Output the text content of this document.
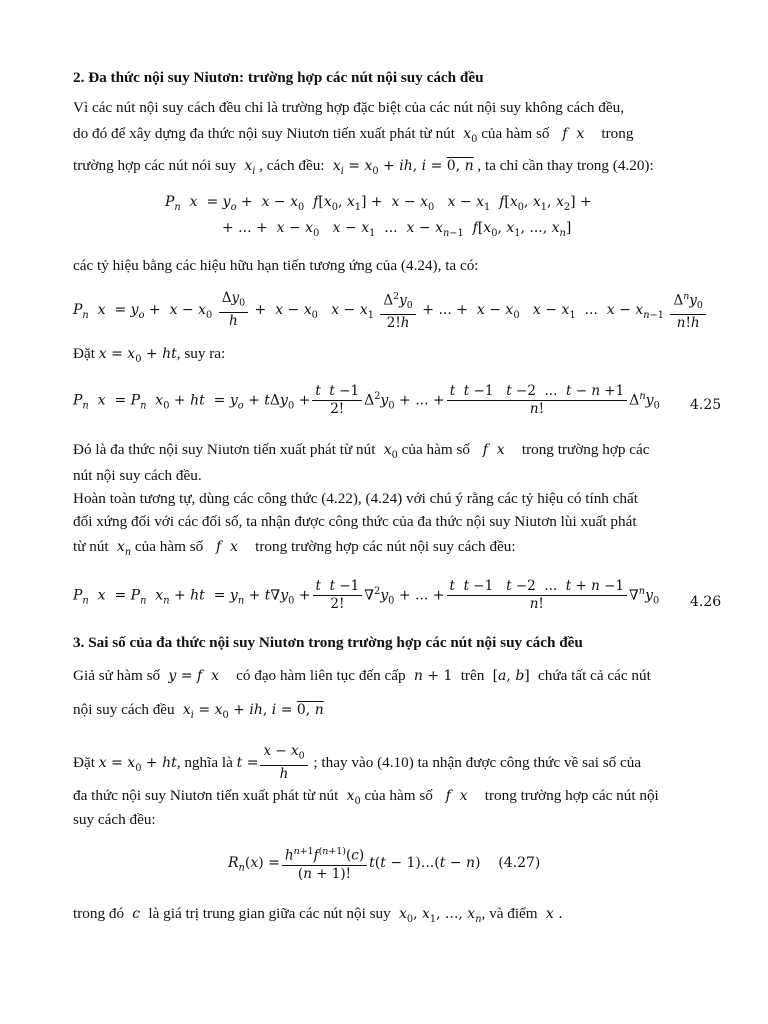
2. Đa thức nội suy Niutơn: trường hợp các nút nội suy cách đều
Vì các nút nội suy cách đều chỉ là trường hợp đặc biệt của các nút nội suy không cách đều,
do đó để xây dựng đa thức nội suy Niutơn tiến xuất phát từ nút $x_0$ của hàm số f x trong
trường hợp các nút nói suy $x_i$ , cách đều: $x_i = x_0$ + ih, i = 0, n , ta chỉ cần thay trong (4.20):
$P_n$ $x = y_o + x - x_0$ $f[x_0$, $x_1] + x - x_0$ $x - x_1$ $f[x_0$, $x_1$, $x_2$] +
+ ... +  $x - x_0$ $x - x_1$  ...  $x - x_{n-1}$ $f[x_0$, $x_1$, ..., $x_n$]
các tỷ hiệu bằng các hiệu hữu hạn tiến tương ứng của (4.24), ta có:
$P_n$ $x = y_o + x - x_0 \frac{\Delta y_0}{h} + x - x_0$ $x - x_1 \frac{\Delta^2y_0}{2!h}$ + ... +  $x - x_0$ $x - x_1$  ...  $x - x_{n-1} \frac{\Delta^ny_0}{n!h}$
Đặt $x = x_0$ + ht, suy ra:
$P_n$ $x = P_n$ $x_0$ + ht  = $y_o + t\Delta y_0 + \frac{\text{t t −1}}{2!} \Delta^2y_0$ + ... + $\frac{\text{t t −1   t −2  ...  t − n +1}}{n!} \Delta^ny_0$ 4.25
Đó là đa thức nội suy Niutơn tiến xuất phát từ nút $x_0$ của hàm số f x trong trường hợp các
nút nội suy cách đều.
Hoàn toàn tương tự, dùng các công thức (4.22), (4.24) với chú ý rằng các tỷ hiệu có tính chất
đối xứng đối với các đối số, ta nhận được công thức của đa thức nội suy Niutơn lùi xuất phát
từ nút $x_n$ của hàm số f x trong trường hợp các nút nội suy cách đều:
$P_n$ $x = P_n$ $x_n$ + ht  = $y_n + t\nabla y_0 + \frac{\text{t t −1}}{2!} \nabla^2y_0$ + ... + $\frac{\text{t t −1   t −2  ...  t + n −1}}{n!} \nabla^ny_0$ 4.26
3. Sai số của đa thức nội suy Niutơn trong trường hợp các nút nội suy cách đều
Giả sử hàm số y = f x có đạo hàm liên tục đến cấp n + 1  trên  [a, b]  chứa tất cả các nút
nội suy cách đều $x_i = x_0$ + ih, i = 0, n
Đặt $x = x_0$ + ht, nghĩa là $t = \frac{x - x_0}{h}$ ; thay vào (4.10) ta nhận được công thức về sai số của
đa thức nội suy Niutơn tiến xuất phát từ nút $x_0$ của hàm số f x trong trường hợp các nút nội
suy cách đều:
$R_n(x) = \frac{h^{n+1}f^{(n+1)}(c)}{(n + 1)!} t(t - 1)...(t - n)$    (4.27)
trong đó c là giá trị trung gian giữa các nút nội suy $x_0$, $x_1$, ..., $x_n$, và điểm x .
